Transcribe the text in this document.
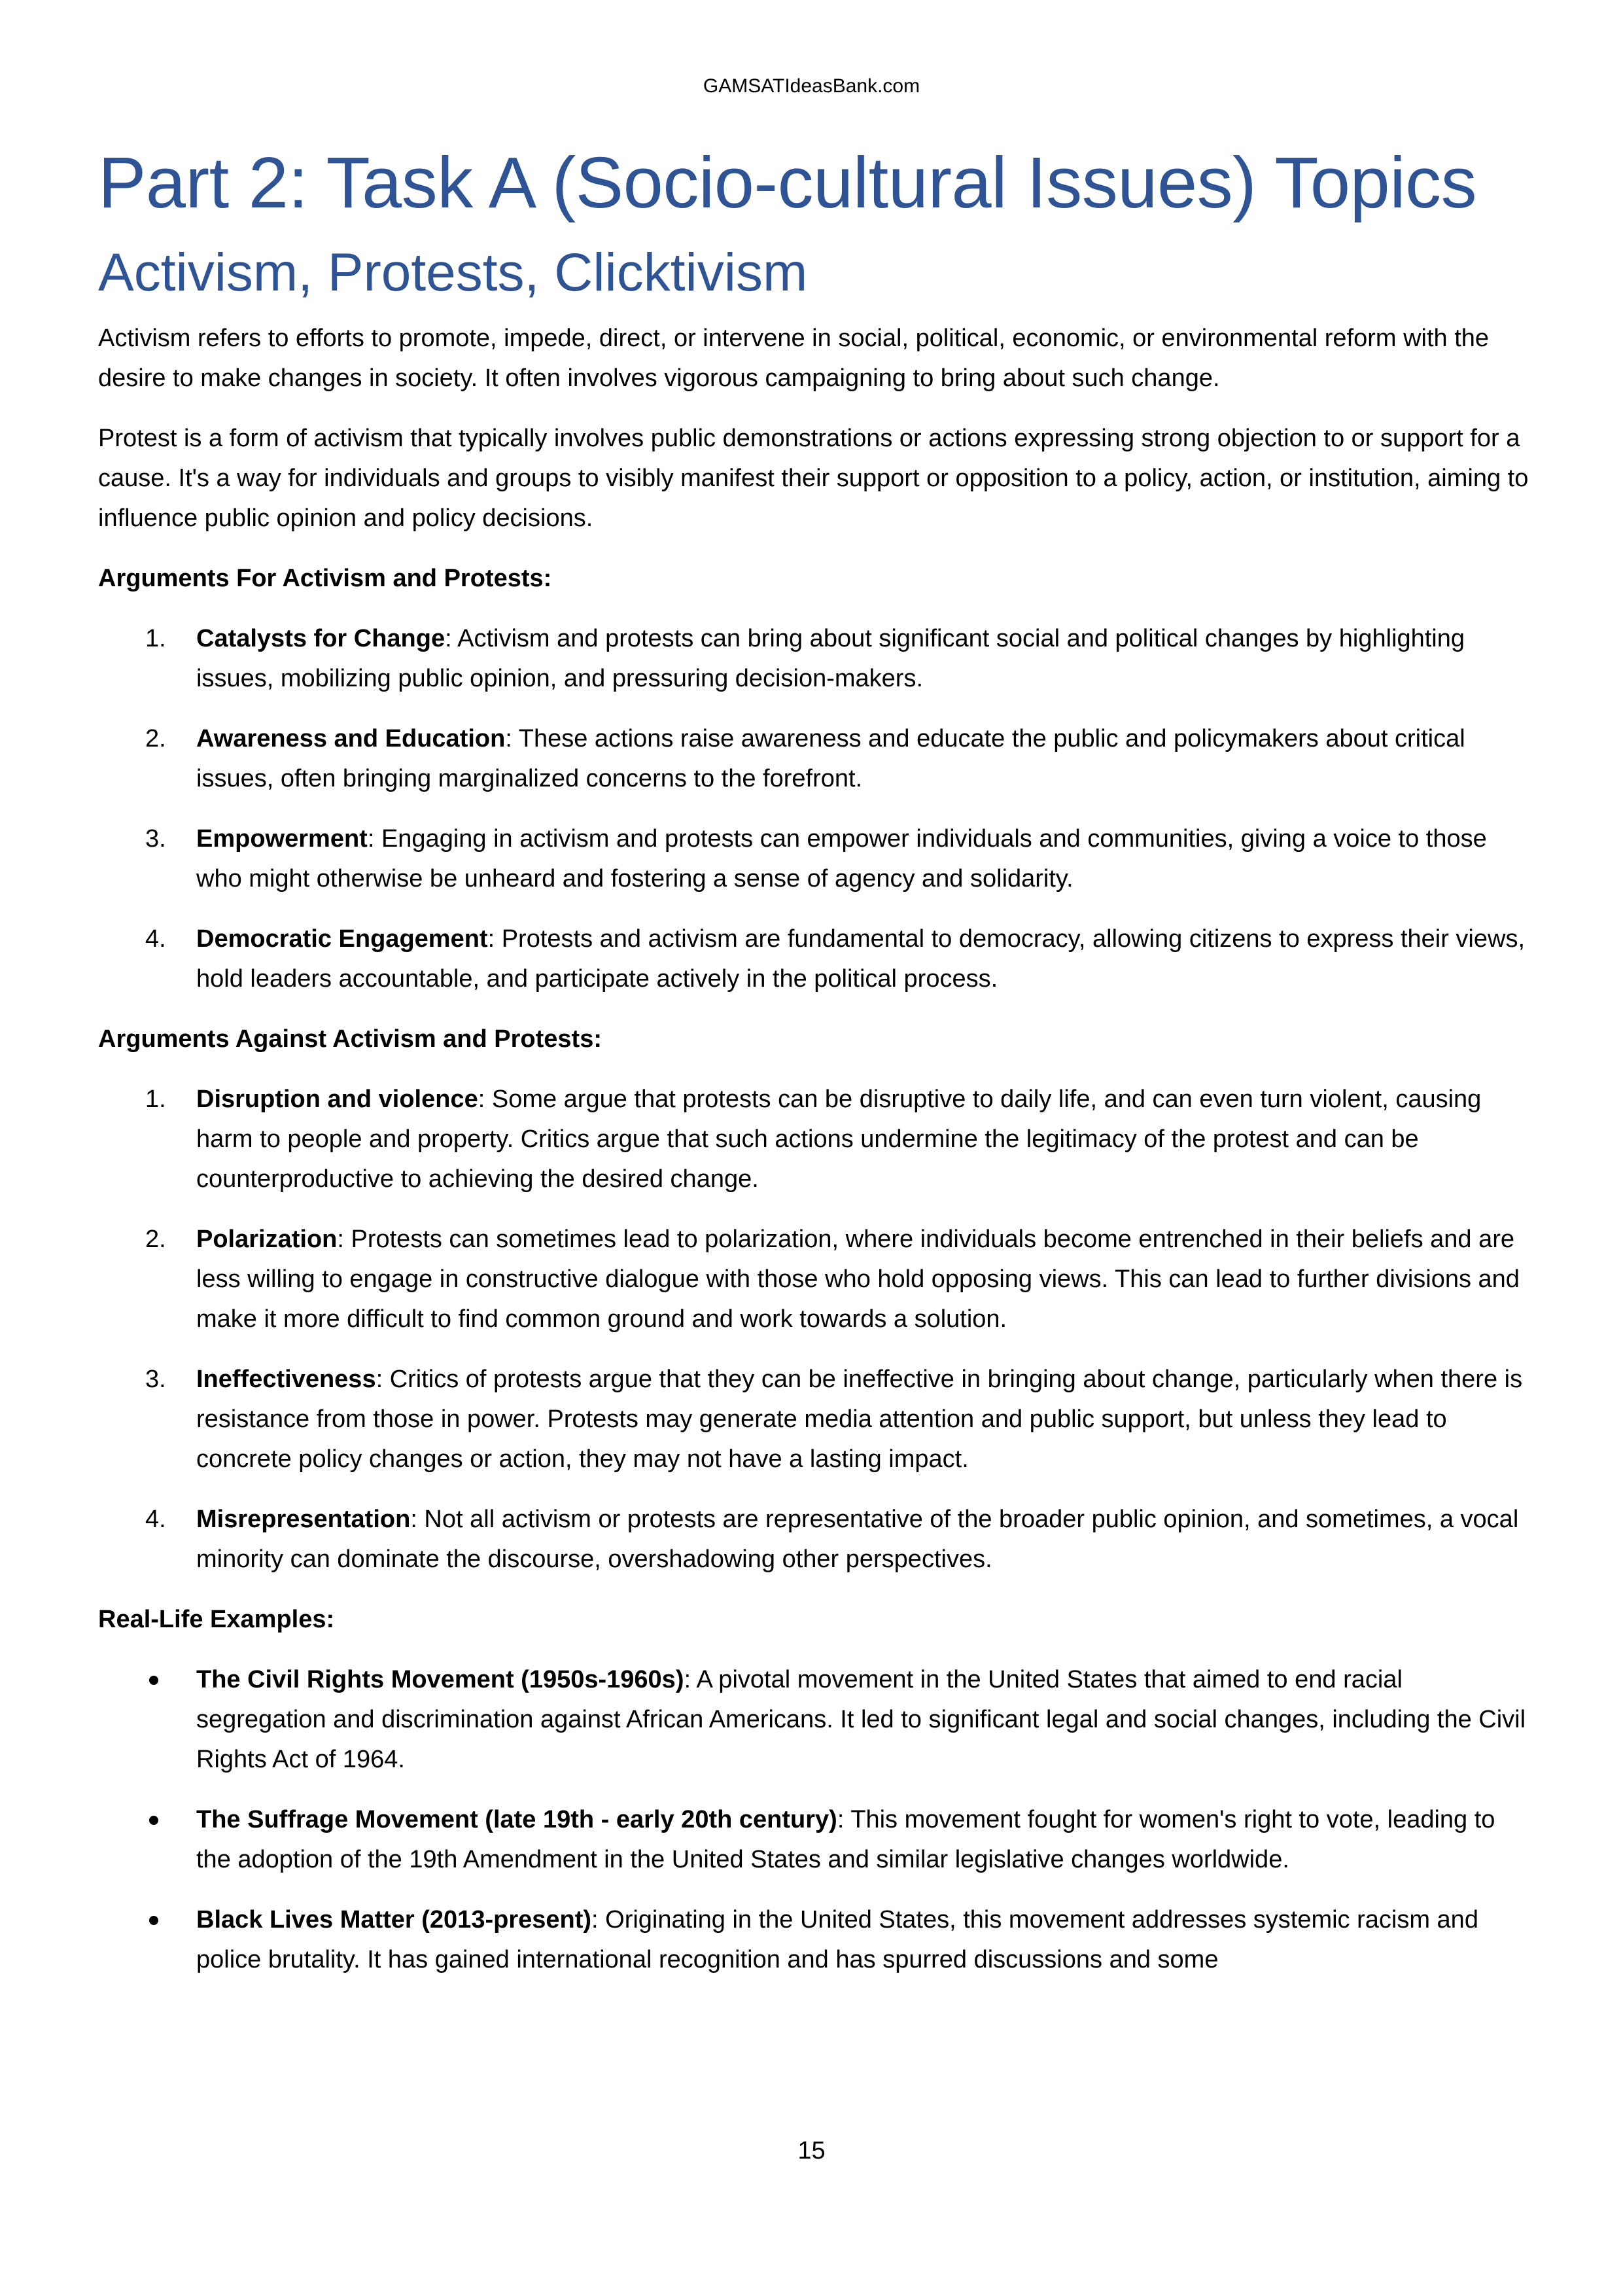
GAMSATIdeasBank.com
Part 2: Task A (Socio-cultural Issues) Topics
Activism, Protests, Clicktivism

Activism refers to efforts to promote, impede, direct, or intervene in social, political, economic, or environmental reform with the desire to make changes in society. It often involves vigorous campaigning to bring about such change.

Protest is a form of activism that typically involves public demonstrations or actions expressing strong objection to or support for a cause. It's a way for individuals and groups to visibly manifest their support or opposition to a policy, action, or institution, aiming to influence public opinion and policy decisions.

Arguments For Activism and Protests:

1. Catalysts for Change: Activism and protests can bring about significant social and political changes by highlighting issues, mobilizing public opinion, and pressuring decision-makers.
2. Awareness and Education: These actions raise awareness and educate the public and policymakers about critical issues, often bringing marginalized concerns to the forefront.
3. Empowerment: Engaging in activism and protests can empower individuals and communities, giving a voice to those who might otherwise be unheard and fostering a sense of agency and solidarity.
4. Democratic Engagement: Protests and activism are fundamental to democracy, allowing citizens to express their views, hold leaders accountable, and participate actively in the political process.

Arguments Against Activism and Protests:

1. Disruption and violence: Some argue that protests can be disruptive to daily life, and can even turn violent, causing harm to people and property. Critics argue that such actions undermine the legitimacy of the protest and can be counterproductive to achieving the desired change.
2. Polarization: Protests can sometimes lead to polarization, where individuals become entrenched in their beliefs and are less willing to engage in constructive dialogue with those who hold opposing views. This can lead to further divisions and make it more difficult to find common ground and work towards a solution.
3. Ineffectiveness: Critics of protests argue that they can be ineffective in bringing about change, particularly when there is resistance from those in power. Protests may generate media attention and public support, but unless they lead to concrete policy changes or action, they may not have a lasting impact.
4. Misrepresentation: Not all activism or protests are representative of the broader public opinion, and sometimes, a vocal minority can dominate the discourse, overshadowing other perspectives.

Real-Life Examples:

The Civil Rights Movement (1950s-1960s): A pivotal movement in the United States that aimed to end racial segregation and discrimination against African Americans. It led to significant legal and social changes, including the Civil Rights Act of 1964.
The Suffrage Movement (late 19th - early 20th century): This movement fought for women's right to vote, leading to the adoption of the 19th Amendment in the United States and similar legislative changes worldwide.
Black Lives Matter (2013-present): Originating in the United States, this movement addresses systemic racism and police brutality. It has gained international recognition and has spurred discussions and some
15
